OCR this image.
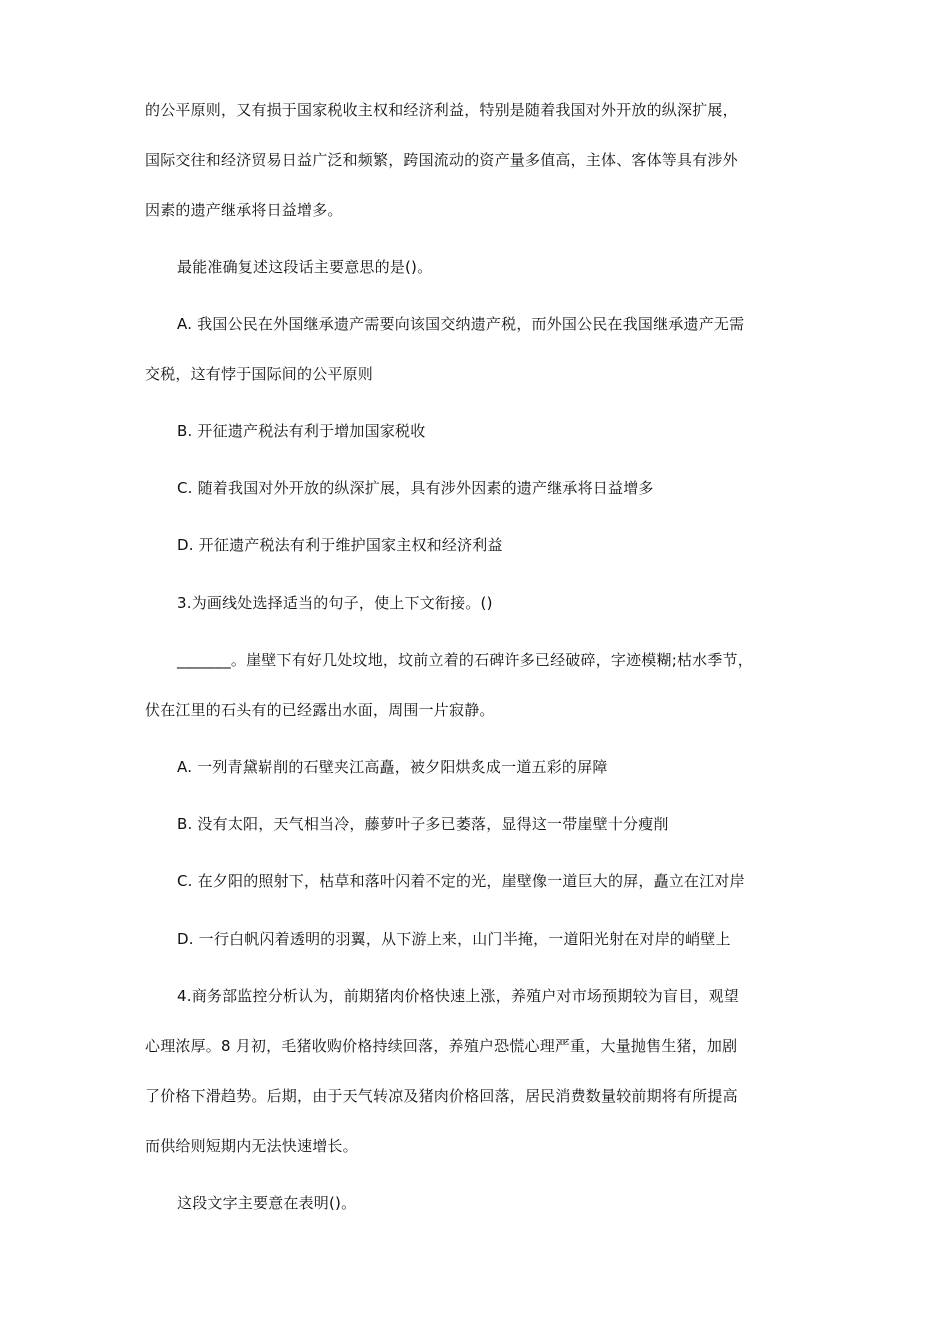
的公平原则，又有损于国家税收主权和经济利益，特别是随着我国对外开放的纵深扩展，
国际交往和经济贸易日益广泛和频繁，跨国流动的资产量多值高，主体、客体等具有涉外
因素的遗产继承将日益增多。
最能准确复述这段话主要意思的是()。
A. 我国公民在外国继承遗产需要向该国交纳遗产税，而外国公民在我国继承遗产无需
交税，这有悖于国际间的公平原则
B. 开征遗产税法有利于增加国家税收
C. 随着我国对外开放的纵深扩展，具有涉外因素的遗产继承将日益增多
D. 开征遗产税法有利于维护国家主权和经济利益
3.为画线处选择适当的句子，使上下文衔接。()
_______。崖壁下有好几处坟地，坟前立着的石碑许多已经破碎，字迹模糊;枯水季节，
伏在江里的石头有的已经露出水面，周围一片寂静。
A. 一列青黛崭削的石壁夹江高矗，被夕阳烘炙成一道五彩的屏障
B. 没有太阳，天气相当冷，藤萝叶子多已萎落，显得这一带崖壁十分瘦削
C. 在夕阳的照射下，枯草和落叶闪着不定的光，崖壁像一道巨大的屏，矗立在江对岸
D. 一行白帆闪着透明的羽翼，从下游上来，山门半掩，一道阳光射在对岸的峭壁上
4.商务部监控分析认为，前期猪肉价格快速上涨，养殖户对市场预期较为盲目，观望
心理浓厚。8 月初，毛猪收购价格持续回落，养殖户恐慌心理严重，大量抛售生猪，加剧
了价格下滑趋势。后期，由于天气转凉及猪肉价格回落，居民消费数量较前期将有所提高
而供给则短期内无法快速增长。
这段文字主要意在表明()。
